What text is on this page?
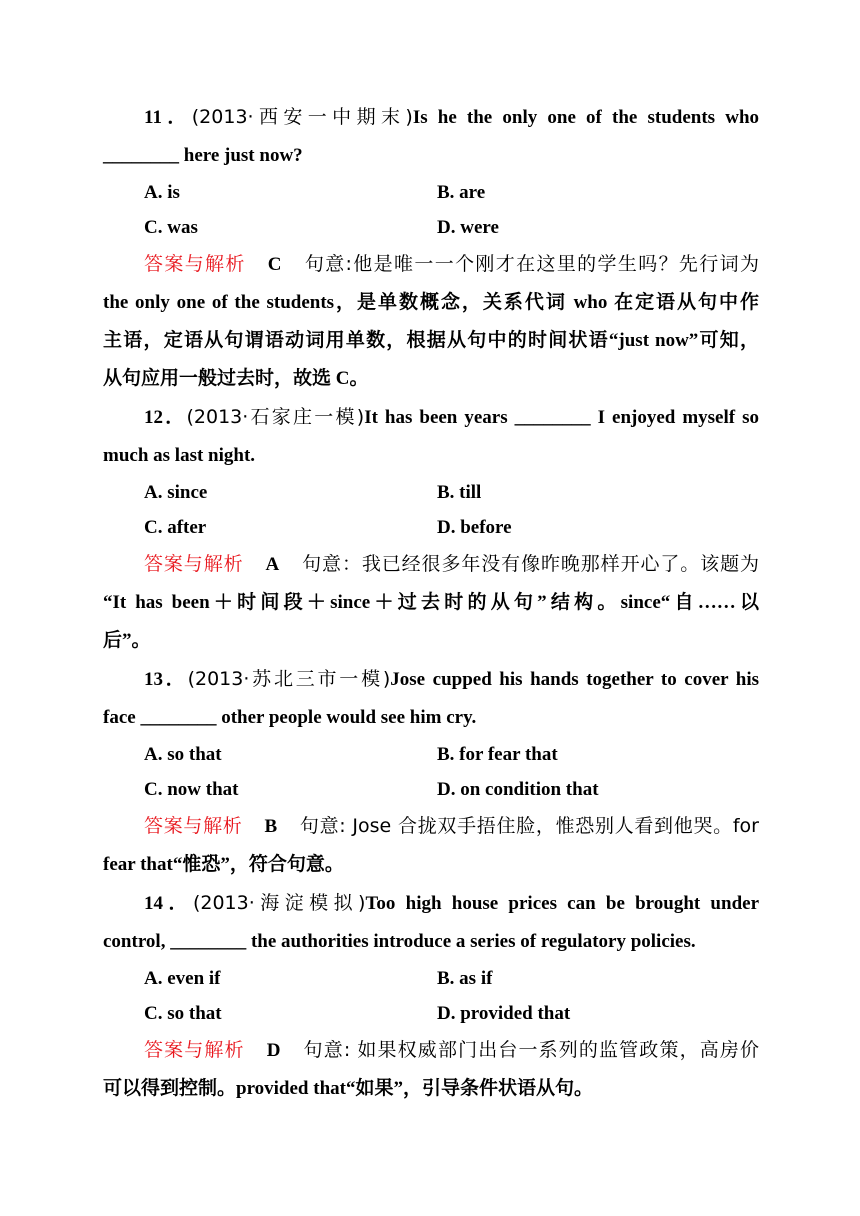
11．(2013·西安一中期末)Is he the only one of the students who
________ here just now?
A. is	B. are
C. was	D. were
答案与解析 C 句意:他是唯一一个刚才在这里的学生吗？先行词为
the only one of the students，是单数概念，关系代词 who 在定语从句中作
主语，定语从句谓语动词用单数，根据从句中的时间状语“just now”可知，
从句应用一般过去时，故选 C。
12．(2013·石家庄一模)It has been years ________ I enjoyed myself so
much as last night.
A. since	B. till
C. after	D. before
答案与解析 A 句意：我已经很多年没有像昨晚那样开心了。该题为
“It has been＋时间段＋since＋过去时的从句”结构。since“自……以
后”。
13．(2013·苏北三市一模)Jose cupped his hands together to cover his
face ________ other people would see him cry.
A. so that	B. for fear that
C. now that	D. on condition that
答案与解析 B 句意: Jose 合拢双手捂住脸，惟恐别人看到他哭。for
fear that“惟恐”，符合句意。
14．(2013·海淀模拟)Too high house prices can be brought under
control, ________ the authorities introduce a series of regulatory policies.
A. even if	B. as if
C. so that	D. provided that
答案与解析 D 句意: 如果权威部门出台一系列的监管政策，高房价
可以得到控制。provided that“如果”，引导条件状语从句。
